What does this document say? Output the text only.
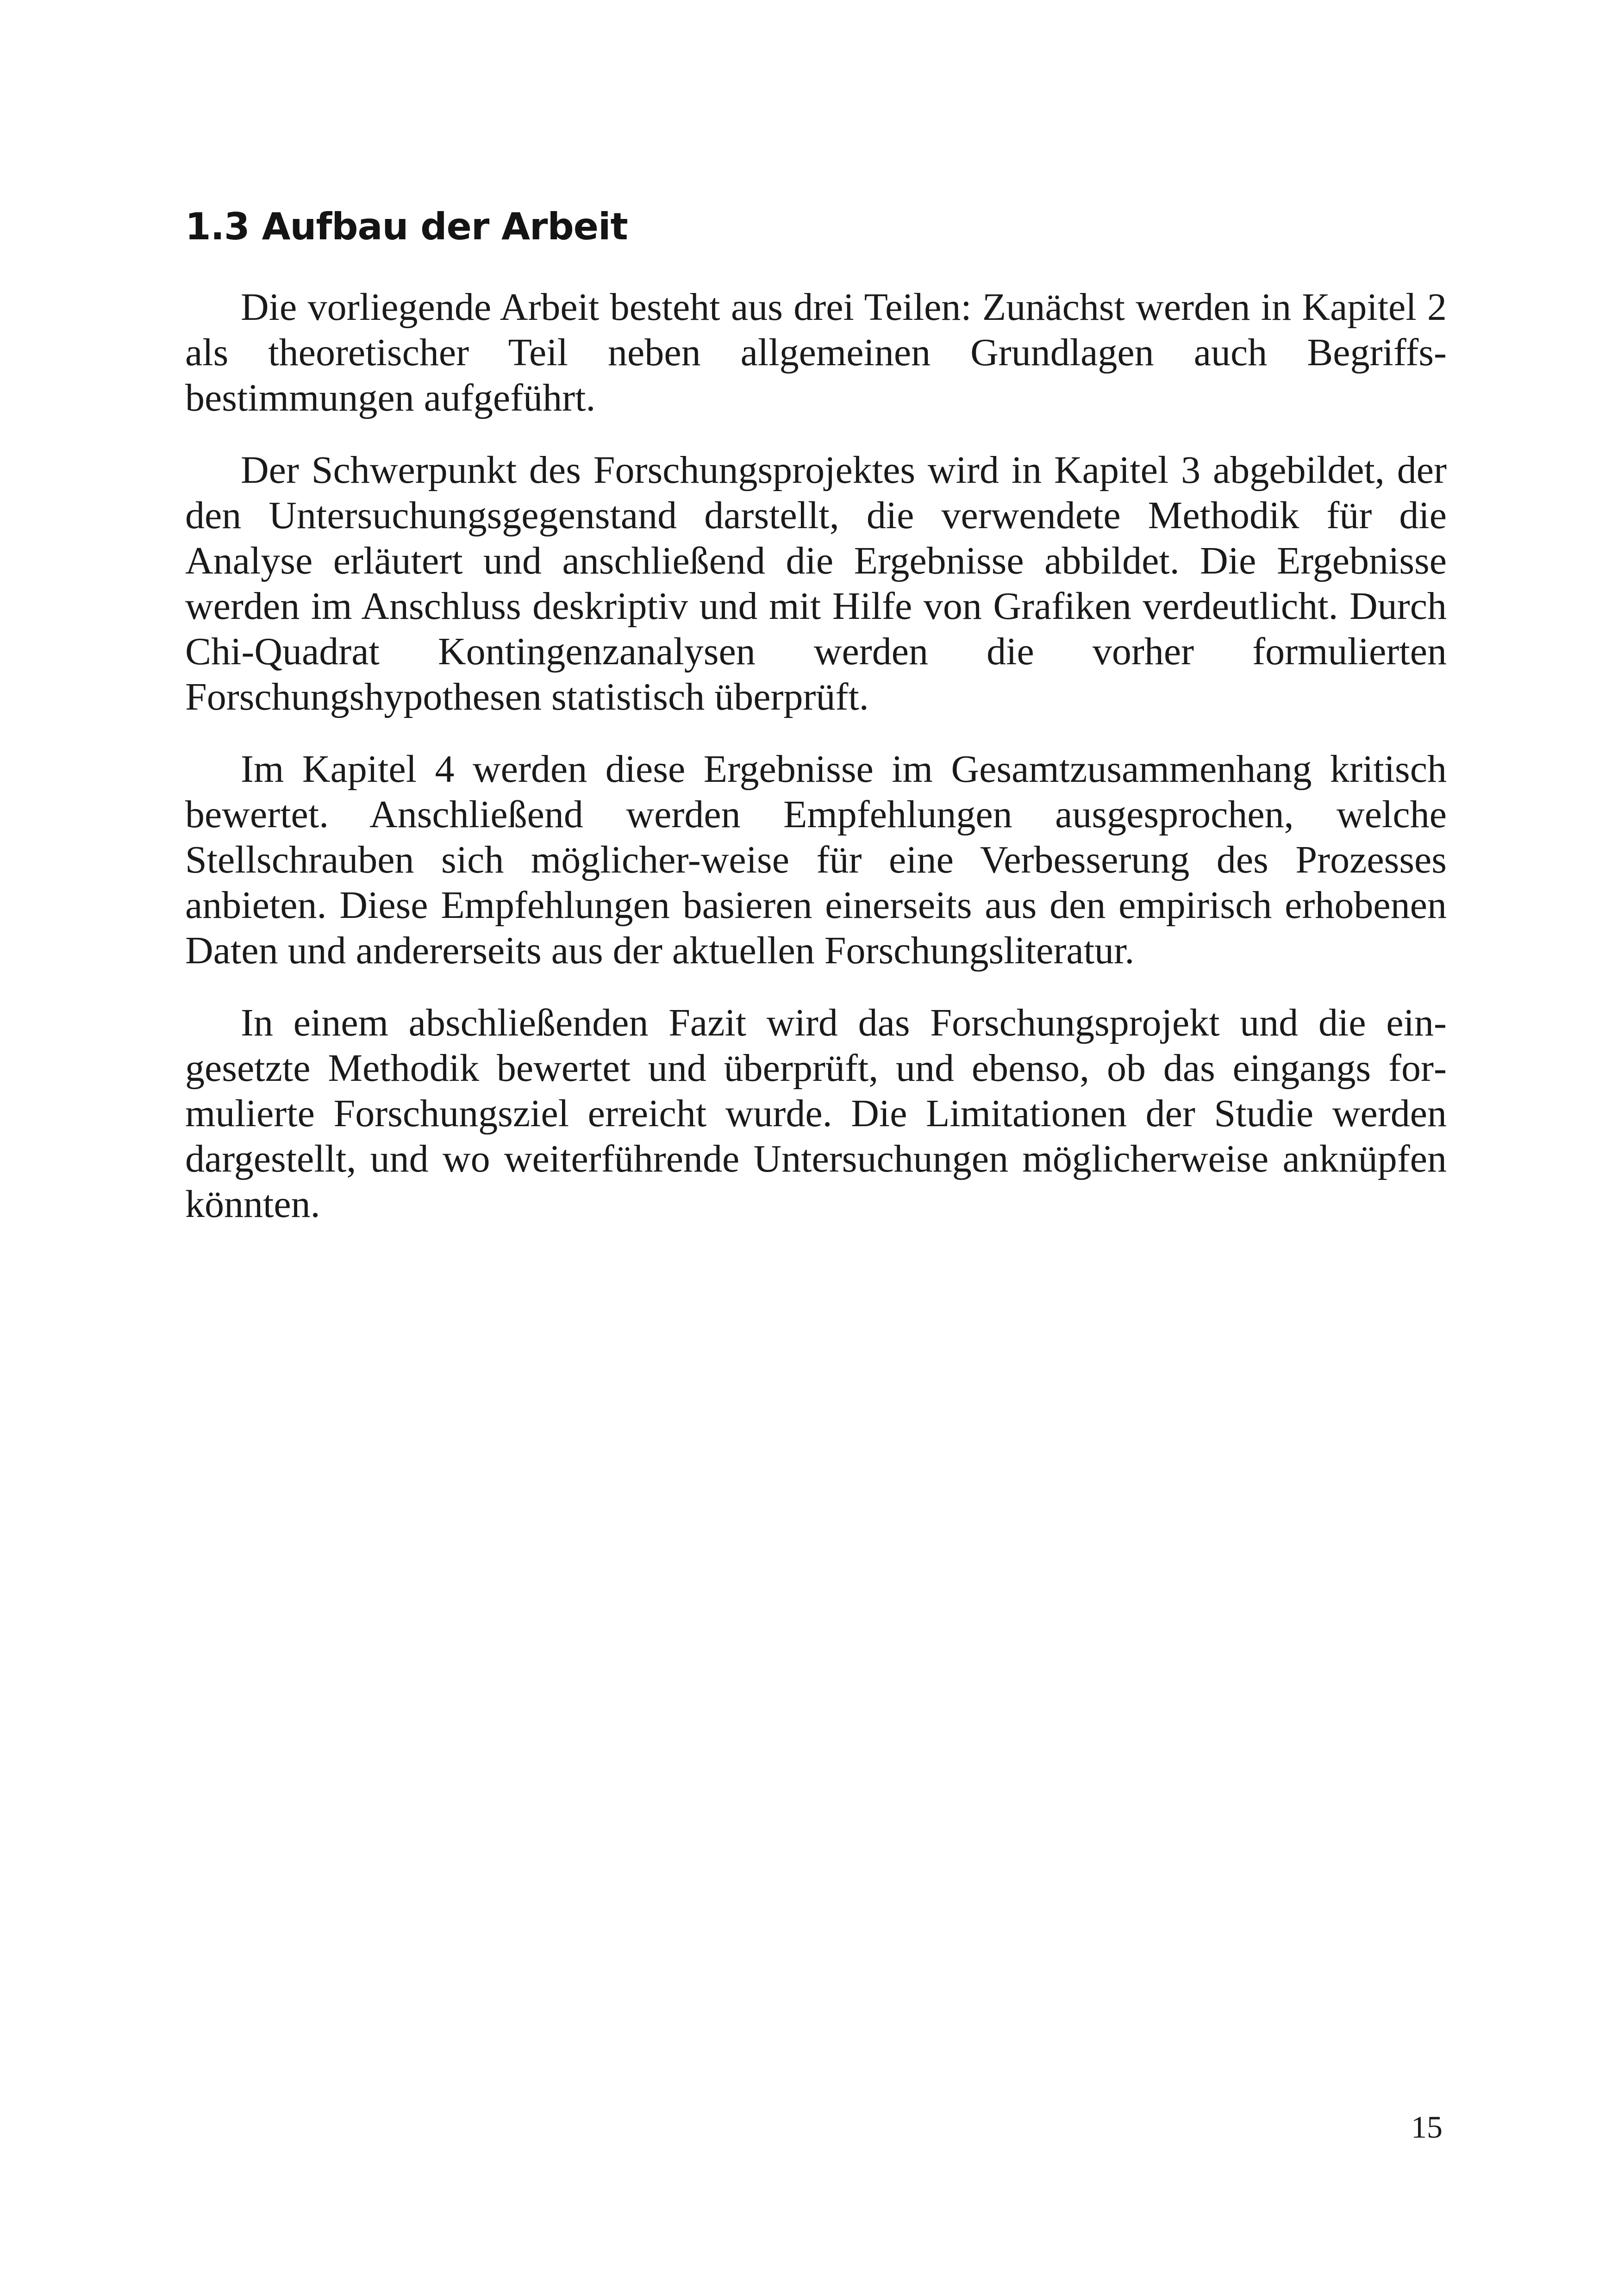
1.3 Aufbau der Arbeit

Die vorliegende Arbeit besteht aus drei Teilen: Zunächst werden in Kapitel 2 als theoretischer Teil neben allgemeinen Grundlagen auch Begriffsbestimmungen aufgeführt.

Der Schwerpunkt des Forschungsprojektes wird in Kapitel 3 abgebildet, der den Untersuchungsgegenstand darstellt, die verwendete Methodik für die Analyse erläutert und anschließend die Ergebnisse abbildet. Die Ergebnisse werden im Anschluss deskriptiv und mit Hilfe von Grafiken verdeutlicht. Durch Chi-Quadrat Kontingenzanalysen werden die vorher formulierten Forschungshypothesen statistisch überprüft.

Im Kapitel 4 werden diese Ergebnisse im Gesamtzusammenhang kritisch bewertet. Anschließend werden Empfehlungen ausgesprochen, welche Stellschrauben sich möglicher-weise für eine Verbesserung des Prozesses anbieten. Diese Empfehlungen basieren einerseits aus den empirisch erhobenen Daten und andererseits aus der aktuellen Forschungsliteratur.

In einem abschließenden Fazit wird das Forschungsprojekt und die eingesetzte Methodik bewertet und überprüft, und ebenso, ob das eingangs formulierte Forschungsziel erreicht wurde. Die Limitationen der Studie werden dargestellt, und wo weiterführende Untersuchungen möglicherweise anknüpfen könnten.

15
